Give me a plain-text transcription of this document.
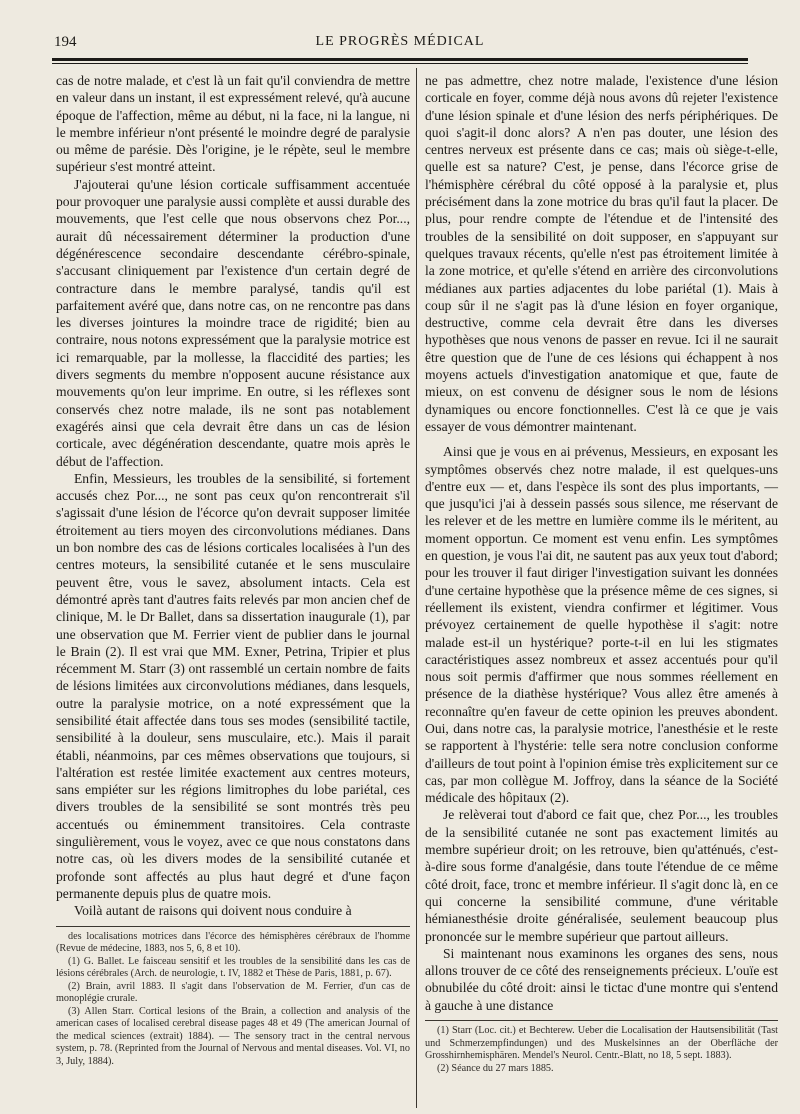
194	LE PROGRÈS MÉDICAL

cas de notre malade, et c'est là un fait qu'il conviendra de mettre en valeur dans un instant, il est expressément relevé, qu'à aucune époque de l'affection, même au début, ni la face, ni la langue, ni le membre inférieur n'ont présenté le moindre degré de paralysie ou même de parésie. Dès l'origine, je le répète, seul le membre supérieur s'est montré atteint.

J'ajouterai qu'une lésion corticale suffisamment accentuée pour provoquer une paralysie aussi complète et aussi durable des mouvements, que l'est celle que nous observons chez Por..., aurait dû nécessairement déterminer la production d'une dégénérescence secondaire descendante cérébro-spinale, s'accusant cliniquement par l'existence d'un certain degré de contracture dans le membre paralysé, tandis qu'il est parfaitement avéré que, dans notre cas, on ne rencontre pas dans les diverses jointures la moindre trace de rigidité; bien au contraire, nous notons expressément que la paralysie motrice est ici remarquable, par la mollesse, la flaccidité des parties; les divers segments du membre n'opposent aucune résistance aux mouvements qu'on leur imprime. En outre, si les réflexes sont conservés chez notre malade, ils ne sont pas notablement exagérés ainsi que cela devrait être dans un cas de lésion corticale, avec dégénération descendante, quatre mois après le début de l'affection.

Enfin, Messieurs, les troubles de la sensibilité, si fortement accusés chez Por..., ne sont pas ceux qu'on rencontrerait s'il s'agissait d'une lésion de l'écorce qu'on devrait supposer limitée étroitement au tiers moyen des circonvolutions médianes. Dans un bon nombre des cas de lésions corticales localisées à l'un des centres moteurs, la sensibilité cutanée et le sens musculaire peuvent être, vous le savez, absolument intacts. Cela est démontré après tant d'autres faits relevés par mon ancien chef de clinique, M. le Dr Ballet, dans sa dissertation inaugurale (1), par une observation que M. Ferrier vient de publier dans le journal le Brain (2). Il est vrai que MM. Exner, Petrina, Tripier et plus récemment M. Starr (3) ont rassemblé un certain nombre de faits de lésions limitées aux circonvolutions médianes, dans lesquels, outre la paralysie motrice, on a noté expressément que la sensibilité était affectée dans tous ses modes (sensibilité tactile, sensibilité à la douleur, sens musculaire, etc.). Mais il parait établi, néanmoins, par ces mêmes observations que toujours, si l'altération est restée limitée exactement aux centres moteurs, sans empiéter sur les régions limitrophes du lobe pariétal, ces divers troubles de la sensibilité se sont montrés très peu accentués ou éminemment transitoires. Cela contraste singulièrement, vous le voyez, avec ce que nous constatons dans notre cas, où les divers modes de la sensibilité cutanée et profonde sont affectés au plus haut degré et d'une façon permanente depuis plus de quatre mois.

Voilà autant de raisons qui doivent nous conduire à

des localisations motrices dans l'écorce des hémisphères cérébraux de l'homme (Revue de médecine, 1883, nos 5, 6, 8 et 10).

(1) G. Ballet. Le faisceau sensitif et les troubles de la sensibilité dans les cas de lésions cérébrales (Arch. de neurologie, t. IV, 1882 et Thèse de Paris, 1881, p. 67).

(2) Brain, avril 1883. Il s'agit dans l'observation de M. Ferrier, d'un cas de monoplégie crurale.

(3) Allen Starr. Cortical lesions of the Brain, a collection and analysis of the american cases of localised cerebral disease pages 48 et 49 (The american Journal of the medical sciences (extrait) 1884). — The sensory tract in the central nervous system, p. 78. (Reprinted from the Journal of Nervous and mental diseases. Vol. VI, no 3, July, 1884).

ne pas admettre, chez notre malade, l'existence d'une lésion corticale en foyer, comme déjà nous avons dû rejeter l'existence d'une lésion spinale et d'une lésion des nerfs périphériques. De quoi s'agit-il donc alors? A n'en pas douter, une lésion des centres nerveux est présente dans ce cas; mais où siège-t-elle, quelle est sa nature? C'est, je pense, dans l'écorce grise de l'hémisphère cérébral du côté opposé à la paralysie et, plus précisément dans la zone motrice du bras qu'il faut la placer. De plus, pour rendre compte de l'étendue et de l'intensité des troubles de la sensibilité on doit supposer, en s'appuyant sur quelques travaux récents, qu'elle n'est pas étroitement limitée à la zone motrice, et qu'elle s'étend en arrière des circonvolutions médianes aux parties adjacentes du lobe pariétal (1). Mais à coup sûr il ne s'agit pas là d'une lésion en foyer organique, destructive, comme cela devrait être dans les diverses hypothèses que nous venons de passer en revue. Ici il ne saurait être question que de l'une de ces lésions qui échappent à nos moyens actuels d'investigation anatomique et que, faute de mieux, on est convenu de désigner sous le nom de lésions dynamiques ou encore fonctionnelles. C'est là ce que je vais essayer de vous démontrer maintenant.

Ainsi que je vous en ai prévenus, Messieurs, en exposant les symptômes observés chez notre malade, il est quelques-uns d'entre eux — et, dans l'espèce ils sont des plus importants, — que jusqu'ici j'ai à dessein passés sous silence, me réservant de les relever et de les mettre en lumière comme ils le méritent, au moment opportun. Ce moment est venu enfin. Les symptômes en question, je vous l'ai dit, ne sautent pas aux yeux tout d'abord; pour les trouver il faut diriger l'investigation suivant les données d'une certaine hypothèse que la présence même de ces signes, si réellement ils existent, viendra confirmer et légitimer. Vous prévoyez certainement de quelle hypothèse il s'agit: notre malade est-il un hystérique? porte-t-il en lui les stigmates caractéristiques assez nombreux et assez accentués pour qu'il nous soit permis d'affirmer que nous sommes réellement en présence de la diathèse hystérique? Vous allez être amenés à reconnaître qu'en faveur de cette opinion les preuves abondent. Oui, dans notre cas, la paralysie motrice, l'anesthésie et le reste se rapportent à l'hystérie: telle sera notre conclusion conforme d'ailleurs de tout point à l'opinion émise très explicitement sur ce cas, par mon collègue M. Joffroy, dans la séance de la Société médicale des hôpitaux (2).

Je relèverai tout d'abord ce fait que, chez Por..., les troubles de la sensibilité cutanée ne sont pas exactement limités au membre supérieur droit; on les retrouve, bien qu'atténués, c'est-à-dire sous forme d'analgésie, dans toute l'étendue de ce même côté droit, face, tronc et membre inférieur. Il s'agit donc là, en ce qui concerne la sensibilité commune, d'une véritable hémianesthésie droite généralisée, seulement beaucoup plus prononcée sur le membre supérieur que partout ailleurs.

Si maintenant nous examinons les organes des sens, nous allons trouver de ce côté des renseignements précieux. L'ouïe est obnubilée du côté droit: ainsi le tictac d'une montre qui s'entend à gauche à une distance

(1) Starr (Loc. cit.) et Bechterew. Ueber die Localisation der Hautsensibilität (Tast und Schmerzempfindungen) und des Muskelsinnes an der Oberfläche der Grosshirnhemisphären. Mendel's Neurol. Centr.-Blatt, no 18, 5 sept. 1883).

(2) Séance du 27 mars 1885.
